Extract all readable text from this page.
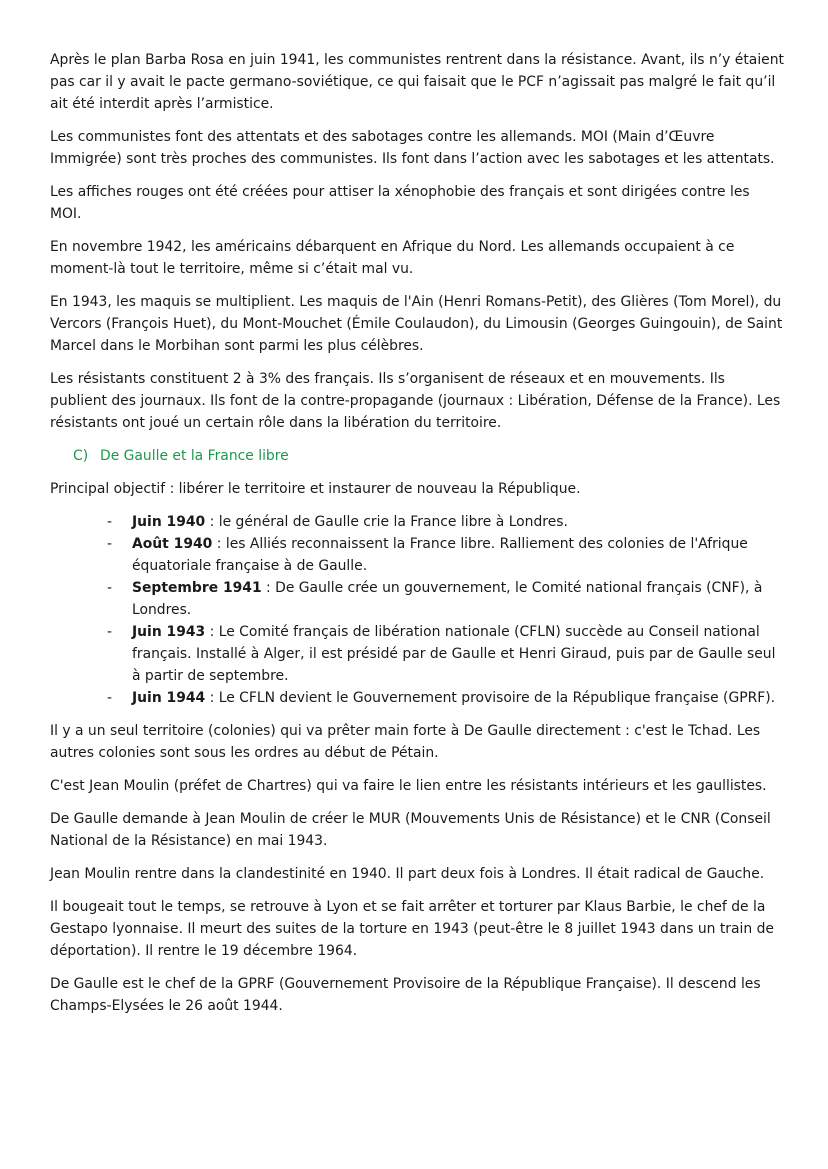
Après le plan Barba Rosa en juin 1941, les communistes rentrent dans la résistance. Avant, ils n’y étaient pas car il y avait le pacte germano-soviétique, ce qui faisait que le PCF n’agissait pas malgré le fait qu’il ait été interdit après l’armistice.

Les communistes font des attentats et des sabotages contre les allemands. MOI (Main d’Œuvre Immigrée) sont très proches des communistes. Ils font dans l’action avec les sabotages et les attentats.

Les affiches rouges ont été créées pour attiser la xénophobie des français et sont dirigées contre les MOI.

En novembre 1942, les américains débarquent en Afrique du Nord. Les allemands occupaient à ce moment-là tout le territoire, même si c’était mal vu.

En 1943, les maquis se multiplient. Les maquis de l'Ain (Henri Romans-Petit), des Glières (Tom Morel), du Vercors (François Huet), du Mont-Mouchet (Émile Coulaudon), du Limousin (Georges Guingouin), de Saint Marcel dans le Morbihan sont parmi les plus célèbres.

Les résistants constituent 2 à 3% des français. Ils s’organisent de réseaux et en mouvements. Ils publient des journaux. Ils font de la contre-propagande (journaux : Libération, Défense de la France). Les résistants ont joué un certain rôle dans la libération du territoire.

C) De Gaulle et la France libre

Principal objectif : libérer le territoire et instaurer de nouveau la République.

-	Juin 1940 : le général de Gaulle crie la France libre à Londres.
-	Août 1940 : les Alliés reconnaissent la France libre. Ralliement des colonies de l'Afrique équatoriale française à de Gaulle.
-	Septembre 1941 : De Gaulle crée un gouvernement, le Comité national français (CNF), à Londres.
-	Juin 1943 : Le Comité français de libération nationale (CFLN) succède au Conseil national français. Installé à Alger, il est présidé par de Gaulle et Henri Giraud, puis par de Gaulle seul à partir de septembre.
-	Juin 1944 : Le CFLN devient le Gouvernement provisoire de la République française (GPRF).

Il y a un seul territoire (colonies) qui va prêter main forte à De Gaulle directement : c'est le Tchad. Les autres colonies sont sous les ordres au début de Pétain.

C'est Jean Moulin (préfet de Chartres) qui va faire le lien entre les résistants intérieurs et les gaullistes.

De Gaulle demande à Jean Moulin de créer le MUR (Mouvements Unis de Résistance) et le CNR (Conseil National de la Résistance) en mai 1943.

Jean Moulin rentre dans la clandestinité en 1940. Il part deux fois à Londres. Il était radical de Gauche.

Il bougeait tout le temps, se retrouve à Lyon et se fait arrêter et torturer par Klaus Barbie, le chef de la Gestapo lyonnaise. Il meurt des suites de la torture en 1943 (peut-être le 8 juillet 1943 dans un train de déportation). Il rentre le 19 décembre 1964.

De Gaulle est le chef de la GPRF (Gouvernement Provisoire de la République Française). Il descend les Champs-Elysées le 26 août 1944.
